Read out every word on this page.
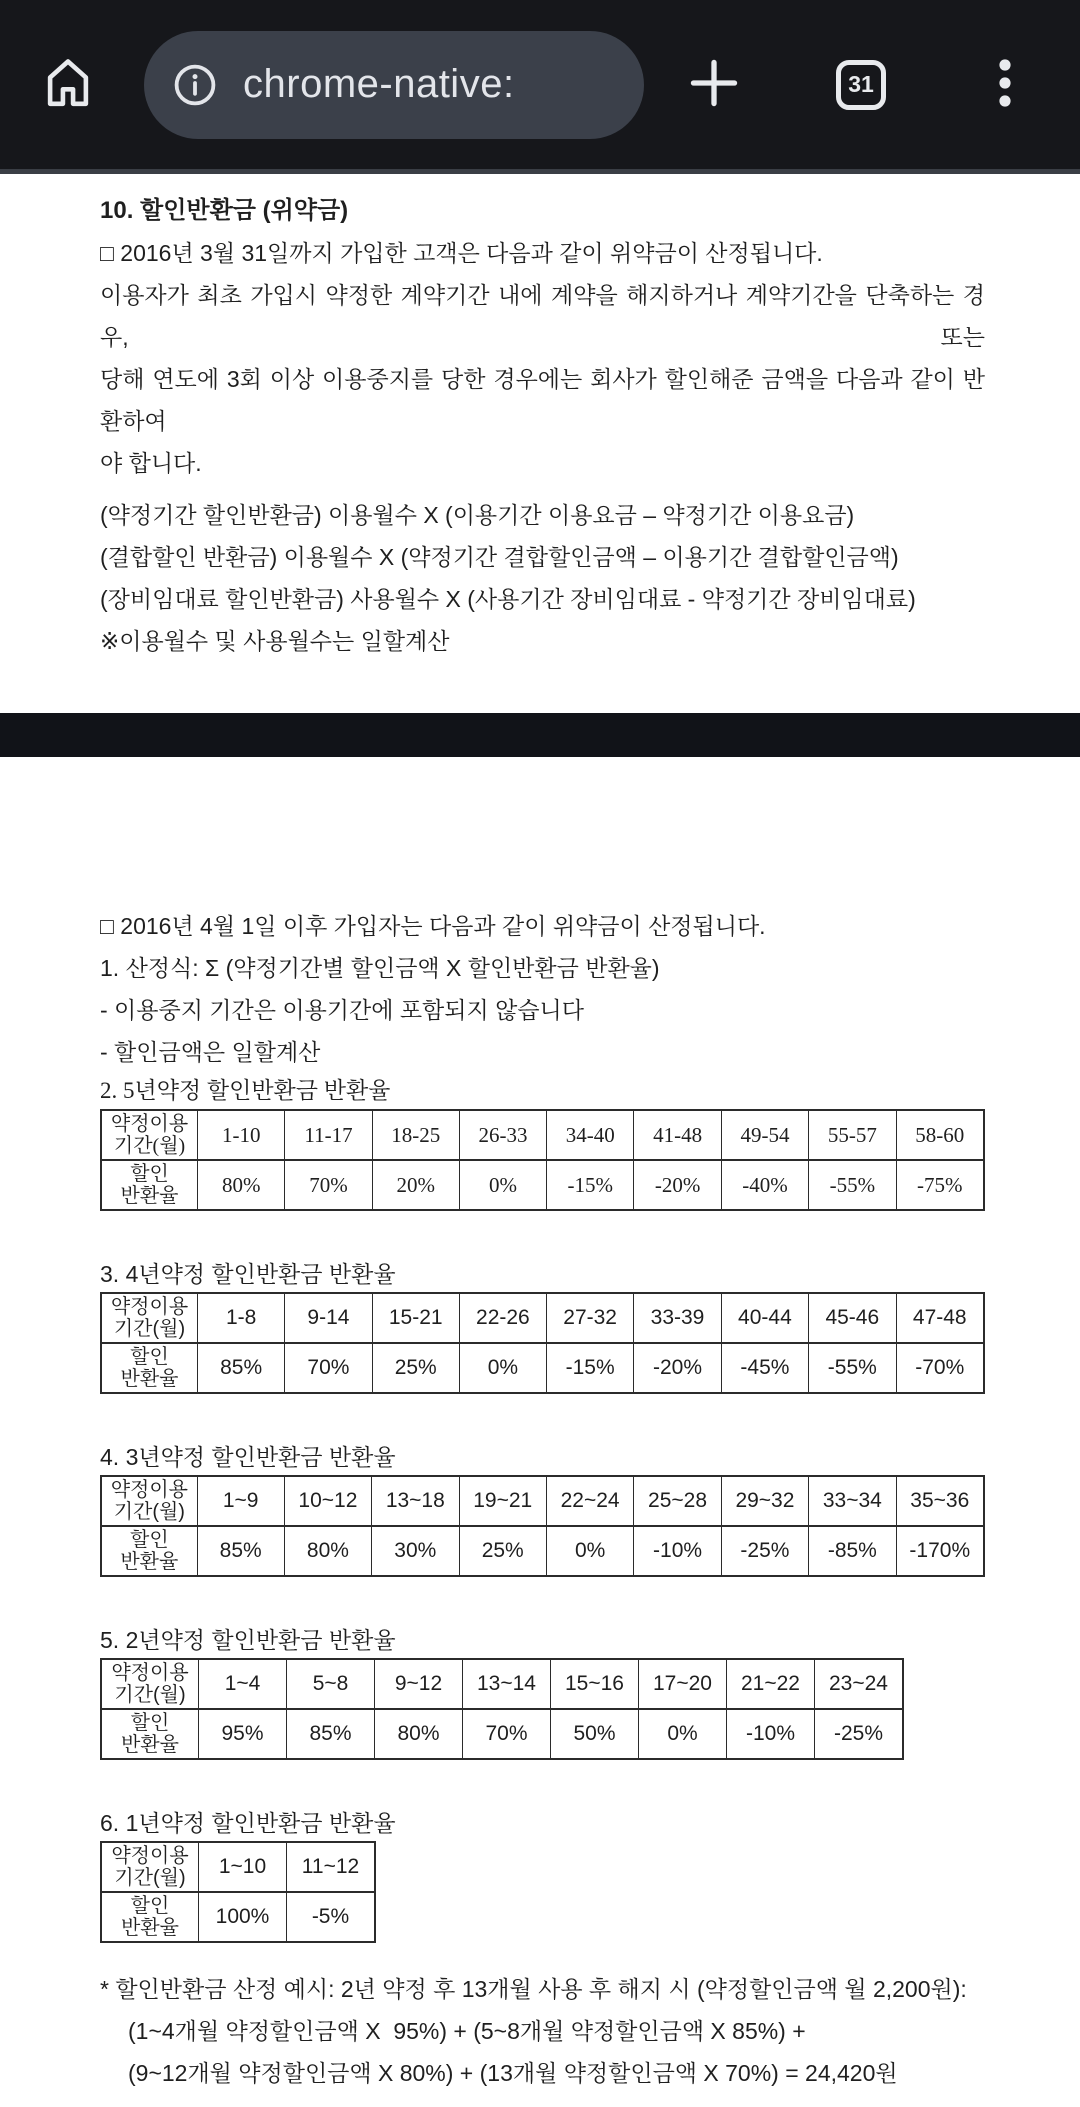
chrome-native:	31
10. 할인반환금 (위약금)
□ 2016년 3월 31일까지 가입한 고객은 다음과 같이 위약금이 산정됩니다.
이용자가 최초 가입시 약정한 계약기간 내에 계약을 해지하거나 계약기간을 단축하는 경우, 또는
당해 연도에 3회 이상 이용중지를 당한 경우에는 회사가 할인해준 금액을 다음과 같이 반환하여
야 합니다.
(약정기간 할인반환금) 이용월수 X (이용기간 이용요금 – 약정기간 이용요금)
(결합할인 반환금) 이용월수 X (약정기간 결합할인금액 – 이용기간 결합할인금액)
(장비임대료 할인반환금) 사용월수 X (사용기간 장비임대료 - 약정기간 장비임대료)
※이용월수 및 사용월수는 일할계산
□ 2016년 4월 1일 이후 가입자는 다음과 같이 위약금이 산정됩니다.
1. 산정식: Σ (약정기간별 할인금액 X 할인반환금 반환율)
- 이용중지 기간은 이용기간에 포함되지 않습니다
- 할인금액은 일할계산
2. 5년약정 할인반환금 반환율
약정이용
기간(월)	1-10	11-17	18-25	26-33	34-40	41-48	49-54	55-57	58-60
할인
반환율	80%	70%	20%	0%	-15%	-20%	-40%	-55%	-75%
3. 4년약정 할인반환금 반환율
약정이용
기간(월)	1-8	9-14	15-21	22-26	27-32	33-39	40-44	45-46	47-48
할인
반환율	85%	70%	25%	0%	-15%	-20%	-45%	-55%	-70%
4. 3년약정 할인반환금 반환율
약정이용
기간(월)	1~9	10~12	13~18	19~21	22~24	25~28	29~32	33~34	35~36
할인
반환율	85%	80%	30%	25%	0%	-10%	-25%	-85%	-170%
5. 2년약정 할인반환금 반환율
약정이용
기간(월)	1~4	5~8	9~12	13~14	15~16	17~20	21~22	23~24
할인
반환율	95%	85%	80%	70%	50%	0%	-10%	-25%
6. 1년약정 할인반환금 반환율
약정이용
기간(월)	1~10	11~12
할인
반환율	100%	-5%
* 할인반환금 산정 예시: 2년 약정 후 13개월 사용 후 해지 시 (약정할인금액 월 2,200원):
(1~4개월 약정할인금액 X  95%) + (5~8개월 약정할인금액 X 85%) +
(9~12개월 약정할인금액 X 80%) + (13개월 약정할인금액 X 70%) = 24,420원
